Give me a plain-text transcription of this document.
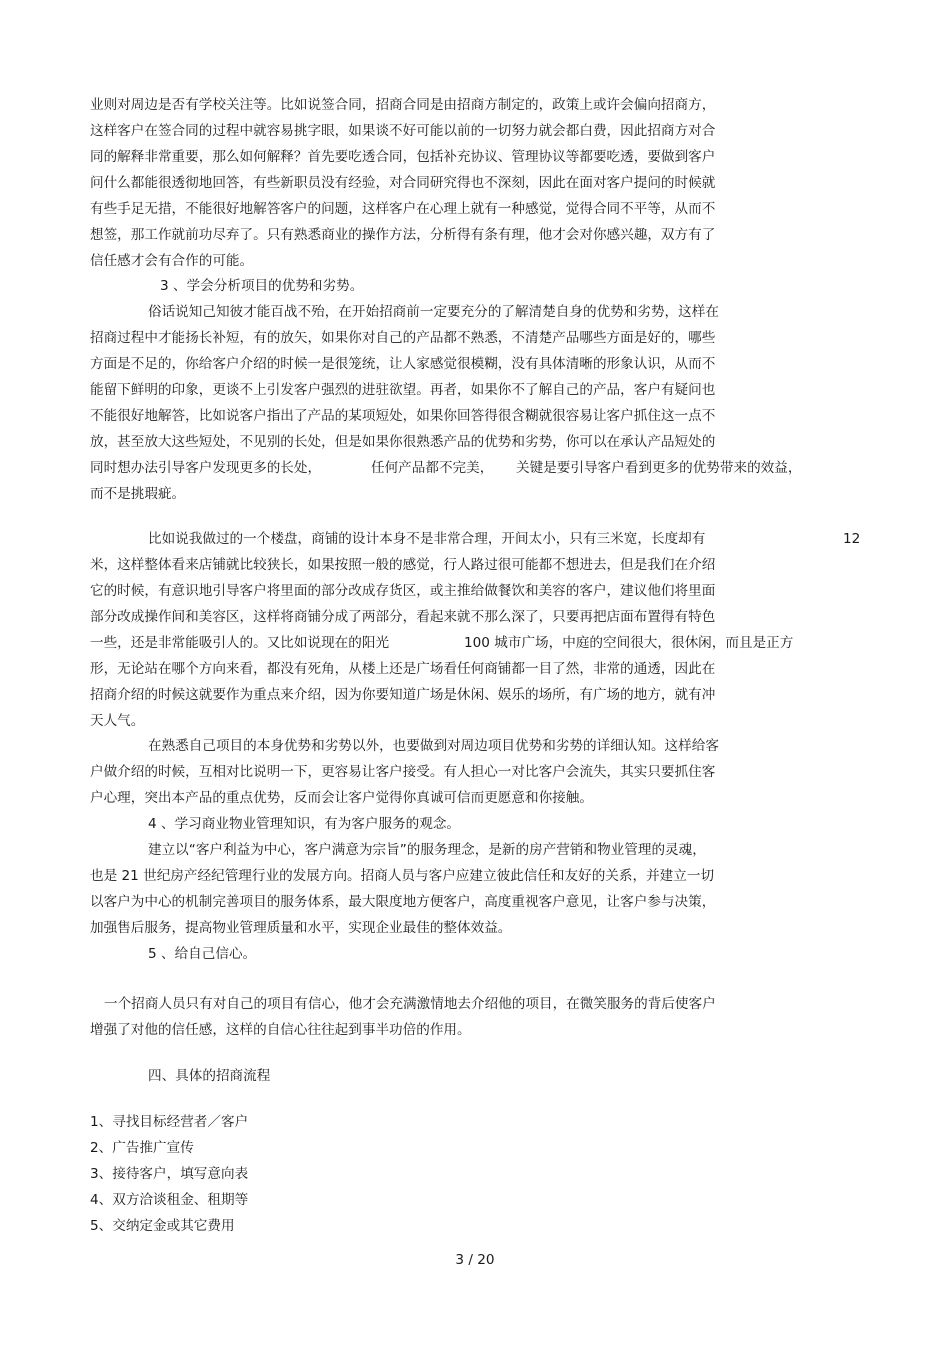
业则对周边是否有学校关注等。比如说签合同，招商合同是由招商方制定的，政策上或许会偏向招商方，
这样客户在签合同的过程中就容易挑字眼，如果谈不好可能以前的一切努力就会都白费，因此招商方对合
同的解释非常重要，那么如何解释？首先要吃透合同，包括补充协议、管理协议等都要吃透，要做到客户
问什么都能很透彻地回答，有些新职员没有经验，对合同研究得也不深刻，因此在面对客户提问的时候就
有些手足无措，不能很好地解答客户的问题，这样客户在心理上就有一种感觉，觉得合同不平等，从而不
想签，那工作就前功尽弃了。只有熟悉商业的操作方法，分析得有条有理，他才会对你感兴趣，双方有了
信任感才会有合作的可能。
3 、学会分析项目的优势和劣势。
俗话说知己知彼才能百战不殆，在开始招商前一定要充分的了解清楚自身的优势和劣势，这样在
招商过程中才能扬长补短，有的放矢，如果你对自己的产品都不熟悉，不清楚产品哪些方面是好的，哪些
方面是不足的，你给客户介绍的时候一是很笼统，让人家感觉很模糊，没有具体清晰的形象认识，从而不
能留下鲜明的印象，更谈不上引发客户强烈的进驻欲望。再者，如果你不了解自己的产品，客户有疑问也
不能很好地解答，比如说客户指出了产品的某项短处，如果你回答得很含糊就很容易让客户抓住这一点不
放，甚至放大这些短处，不见别的长处，但是如果你很熟悉产品的优势和劣势，你可以在承认产品短处的
同时想办法引导客户发现更多的长处，	任何产品都不完美， 关键是要引导客户看到更多的优势带来的效益，
而不是挑瑕疵。
比如说我做过的一个楼盘，商铺的设计本身不是非常合理，开间太小，只有三米宽，长度却有	12
米，这样整体看来店铺就比较狭长，如果按照一般的感觉，行人路过很可能都不想进去，但是我们在介绍
它的时候，有意识地引导客户将里面的部分改成存货区，或主推给做餐饮和美容的客户，建议他们将里面
部分改成操作间和美容区，这样将商铺分成了两部分，看起来就不那么深了，只要再把店面布置得有特色
一些，还是非常能吸引人的。又比如说现在的阳光	100 城市广场，中庭的空间很大，很休闲，而且是正方
形，无论站在哪个方向来看，都没有死角，从楼上还是广场看任何商铺都一目了然，非常的通透，因此在
招商介绍的时候这就要作为重点来介绍，因为你要知道广场是休闲、娱乐的场所，有广场的地方，就有冲
天人气。
在熟悉自己项目的本身优势和劣势以外，也要做到对周边项目优势和劣势的详细认知。这样给客
户做介绍的时候，互相对比说明一下，更容易让客户接受。有人担心一对比客户会流失，其实只要抓住客
户心理，突出本产品的重点优势，反而会让客户觉得你真诚可信而更愿意和你接触。
4 、学习商业物业管理知识，有为客户服务的观念。
建立以“客户利益为中心，客户满意为宗旨”的服务理念，是新的房产营销和物业管理的灵魂，
也是 21 世纪房产经纪管理行业的发展方向。招商人员与客户应建立彼此信任和友好的关系，并建立一切
以客户为中心的机制完善项目的服务体系，最大限度地方便客户，高度重视客户意见，让客户参与决策，
加强售后服务，提高物业管理质量和水平，实现企业最佳的整体效益。
5 、给自己信心。
一个招商人员只有对自己的项目有信心，他才会充满激情地去介绍他的项目，在微笑服务的背后使客户
增强了对他的信任感，这样的自信心往往起到事半功倍的作用。
四、具体的招商流程
1、寻找目标经营者／客户
2、广告推广宣传
3、接待客户，填写意向表
4、双方洽谈租金、租期等
5、交纳定金或其它费用
3 / 20
